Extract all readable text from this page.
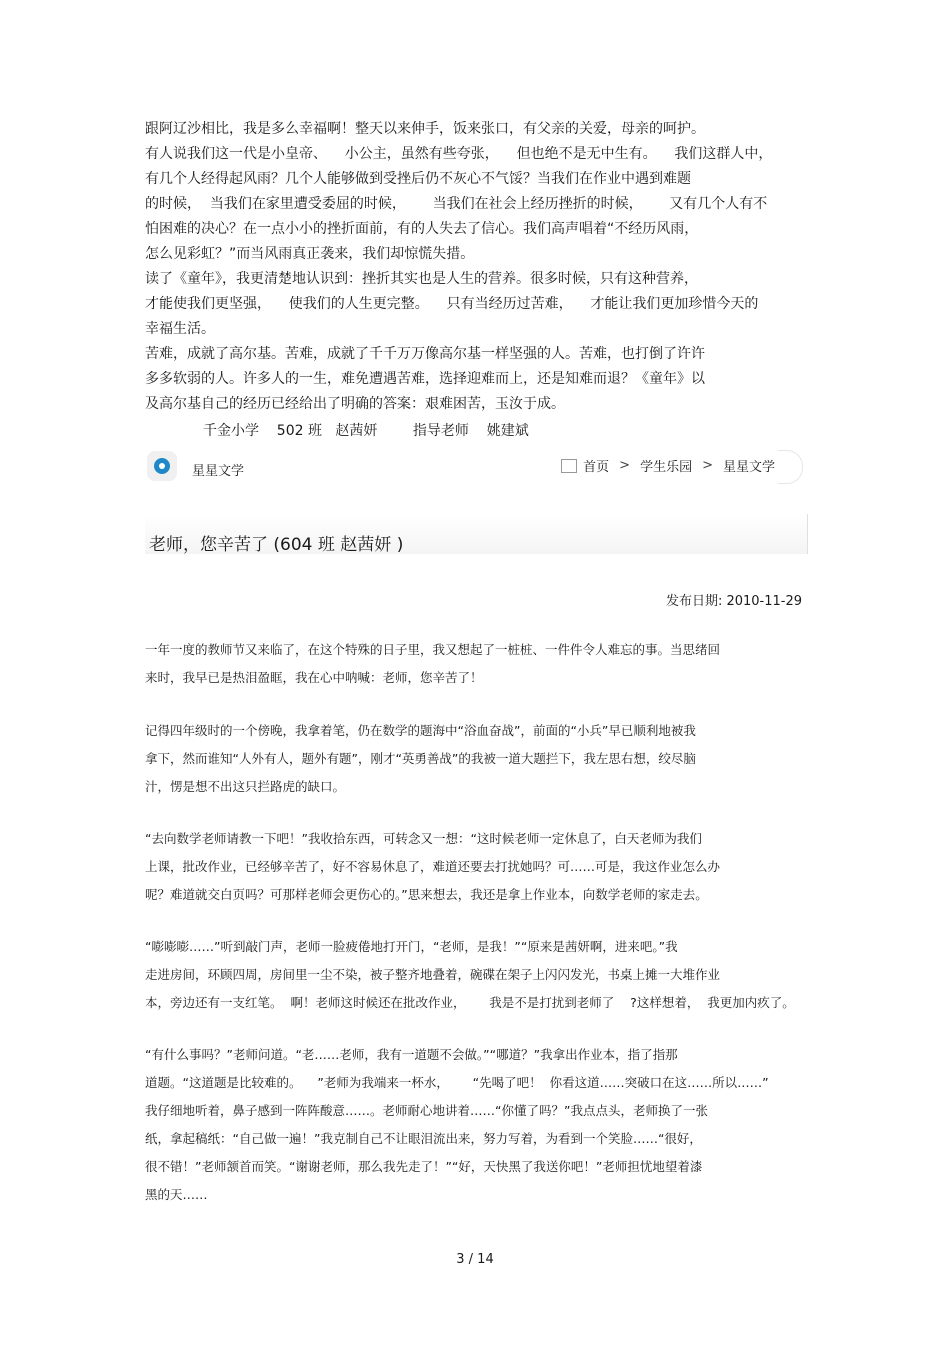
跟阿辽沙相比，我是多么幸福啊！整天以来伸手，饭来张口，有父亲的关爱，母亲的呵护。
有人说我们这一代是小皇帝、    小公主，虽然有些夸张，    但也绝不是无中生有。    我们这群人中，
有几个人经得起风雨？几个人能够做到受挫后仍不灰心不气馁？当我们在作业中遇到难题
的时候，  当我们在家里遭受委屈的时候，      当我们在社会上经历挫折的时候，      又有几个人有不
怕困难的决心？在一点小小的挫折面前，有的人失去了信心。我们高声唱着“不经历风雨，
怎么见彩虹？”而当风雨真正袭来，我们却惊慌失措。
读了《童年》，我更清楚地认识到：挫折其实也是人生的营养。很多时候，只有这种营养，
才能使我们更坚强，    使我们的人生更完整。    只有当经历过苦难，    才能让我们更加珍惜今天的
幸福生活。
苦难，成就了高尔基。苦难，成就了千千万万像高尔基一样坚强的人。苦难，也打倒了许许
多多软弱的人。许多人的一生，难免遭遇苦难，选择迎难而上，还是知难而退？《童年》以
及高尔基自己的经历已经给出了明确的答案：艰难困苦，玉汝于成。
千金小学    502 班   赵茜妍        指导老师    姚建斌
星星文学	首页 > 学生乐园 > 星星文学
老师，您辛苦了 (604 班 赵茜妍 )
发布日期: 2010-11-29
一年一度的教师节又来临了，在这个特殊的日子里，我又想起了一桩桩、一件件令人难忘的事。当思绪回
来时，我早已是热泪盈眶，我在心中呐喊：老师，您辛苦了！
记得四年级时的一个傍晚，我拿着笔，仍在数学的题海中“浴血奋战”，前面的“小兵”早已顺利地被我
拿下，然而谁知“人外有人，题外有题”，刚才“英勇善战”的我被一道大题拦下，我左思右想，绞尽脑
汁，愣是想不出这只拦路虎的缺口。
“去向数学老师请教一下吧！”我收拾东西，可转念又一想：“这时候老师一定休息了，白天老师为我们
上课，批改作业，已经够辛苦了，好不容易休息了，难道还要去打扰她吗？可……可是，我这作业怎么办
呢？难道就交白页吗？可那样老师会更伤心的。”思来想去，我还是拿上作业本，向数学老师的家走去。
“嘭嘭嘭……”听到敲门声，老师一脸疲倦地打开门，“老师，是我！”“原来是茜妍啊，进来吧。”我
走进房间，环顾四周，房间里一尘不染，被子整齐地叠着，碗碟在架子上闪闪发光，书桌上摊一大堆作业
本，旁边还有一支红笔。  啊！老师这时候还在批改作业，      我是不是打扰到老师了    ?这样想着，  我更加内疚了。
“有什么事吗？”老师问道。“老……老师，我有一道题不会做。”“哪道？”我拿出作业本，指了指那
道题。“这道题是比较难的。    ”老师为我端来一杯水，      “先喝了吧！  你看这道……突破口在这……所以……”
我仔细地听着，鼻子感到一阵阵酸意……。老师耐心地讲着……“你懂了吗？”我点点头，老师换了一张
纸，拿起稿纸：“自己做一遍！”我克制自己不让眼泪流出来，努力写着，为看到一个笑脸……“很好，
很不错！”老师颔首而笑。“谢谢老师，那么我先走了！”“好，天快黑了我送你吧！”老师担忧地望着漆
黑的天……
3 / 14
